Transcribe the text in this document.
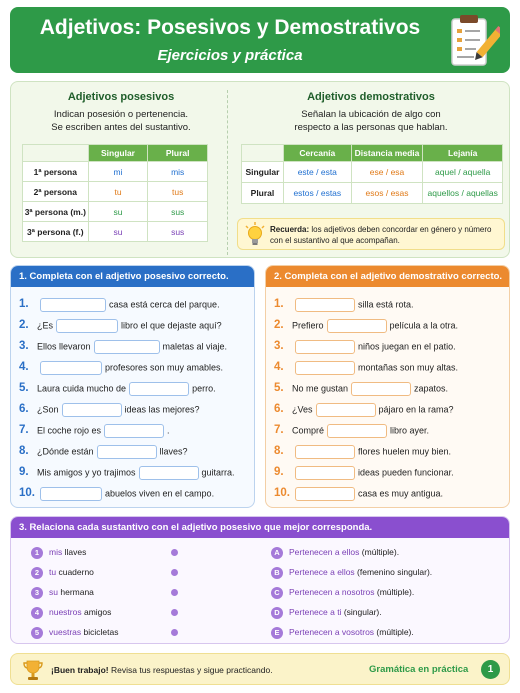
Adjetivos: Posesivos y Demostrativos
Ejercicios y práctica
Adjetivos posesivos
Indican posesión o pertenencia.
Se escriben antes del sustantivo.
	Singular	Plural
1ª persona	mi	mis
2ª persona	tu	tus
3ª persona (m.)	su	sus
3ª persona (f.)	su	sus
Adjetivos demostrativos
Señalan la ubicación de algo con
respecto a las personas que hablan.
	Cercanía	Distancia media	Lejanía
Singular	este / esta	ese / esa	aquel / aquella
Plural	estos / estas	esos / esas	aquellos / aquellas
Recuerda: los adjetivos deben concordar en género y número con el sustantivo al que acompañan.
1. Completa con el adjetivo posesivo correcto.
1.	casa está cerca del parque.
2. ¿Es	libro el que dejaste aquí?
3. Ellos llevaron	maletas al viaje.
4.	profesores son muy amables.
5. Laura cuida mucho de	perro.
6. ¿Son	ideas las mejores?
7. El coche rojo es	.
8. ¿Dónde están	llaves?
9. Mis amigos y yo trajimos	guitarra.
10.	abuelos viven en el campo.
2. Completa con el adjetivo demostrativo correcto.
1.	silla está rota.
2. Prefiero	película a la otra.
3.	niños juegan en el patio.
4.	montañas son muy altas.
5. No me gustan	zapatos.
6. ¿Ves	pájaro en la rama?
7. Compré	libro ayer.
8.	flores huelen muy bien.
9.	ideas pueden funcionar.
10.	casa es muy antigua.
3. Relaciona cada sustantivo con el adjetivo posesivo que mejor corresponda.
1 mis llaves
2 tu cuaderno
3 su hermana
4 nuestros amigos
5 vuestras bicicletas
A Pertenecen a ellos (múltiple).
B Pertenece a ellos (femenino singular).
C Pertenecen a nosotros (múltiple).
D Pertenece a ti (singular).
E Pertenecen a vosotros (múltiple).
¡Buen trabajo! Revisa tus respuestas y sigue practicando.	Gramática en práctica	1
